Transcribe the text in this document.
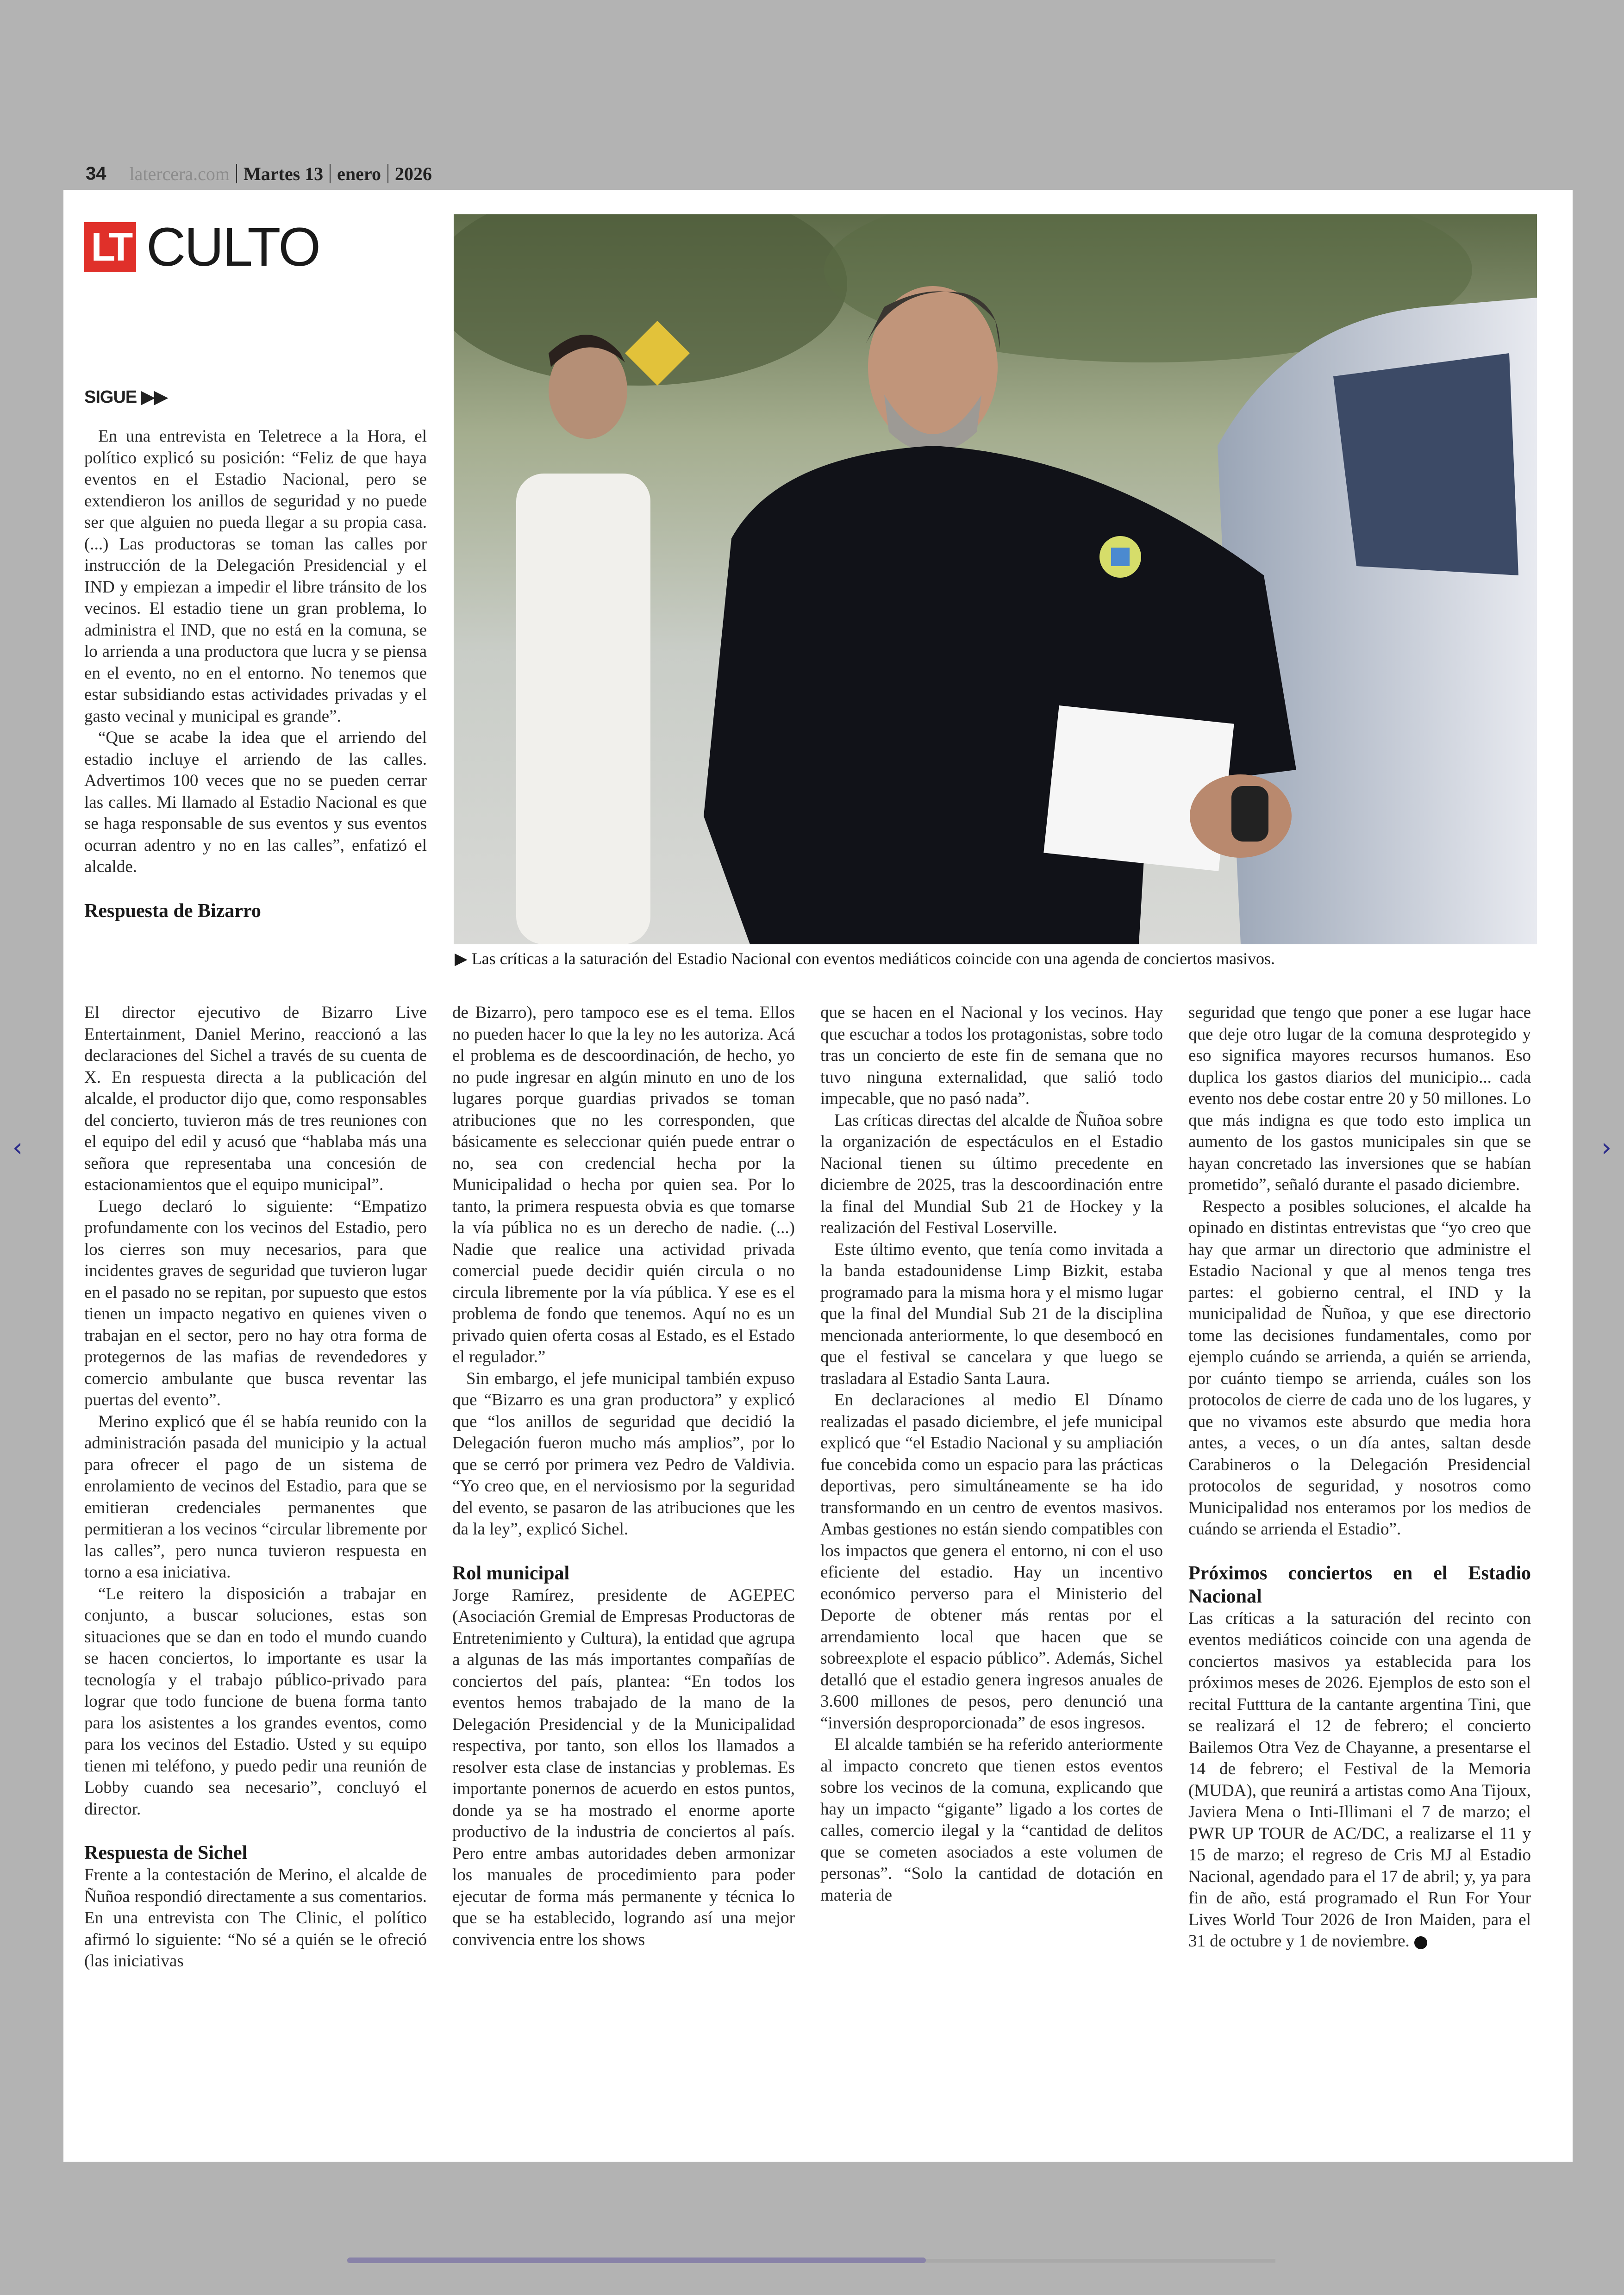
34 latercera.com Martes 13 enero 2026
LT CULTO
SIGUE ▶▶
▶ Las críticas a la saturación del Estadio Nacional con eventos mediáticos coincide con una agenda de conciertos masivos.

En una entrevista en Teletrece a la Hora, el político explicó su posición: “Feliz de que haya eventos en el Estadio Nacional, pero se extendieron los anillos de seguridad y no puede ser que alguien no pueda llegar a su propia casa. (...) Las productoras se toman las calles por instrucción de la Delegación Presidencial y el IND y empiezan a impedir el libre tránsito de los vecinos. El estadio tiene un gran problema, lo administra el IND, que no está en la comuna, se lo arrienda a una productora que lucra y se piensa en el evento, no en el entorno. No tenemos que estar subsidiando estas actividades privadas y el gasto vecinal y municipal es grande”.

“Que se acabe la idea que el arriendo del estadio incluye el arriendo de las calles. Advertimos 100 veces que no se pueden cerrar las calles. Mi llamado al Estadio Nacional es que se haga responsable de sus eventos y sus eventos ocurran adentro y no en las calles”, enfatizó el alcalde.

Respuesta de Bizarro

El director ejecutivo de Bizarro Live Entertainment, Daniel Merino, reaccionó a las declaraciones del Sichel a través de su cuenta de X. En respuesta directa a la publicación del alcalde, el productor dijo que, como responsables del concierto, tuvieron más de tres reuniones con el equipo del edil y acusó que “hablaba más una señora que representaba una concesión de estacionamientos que el equipo municipal”.

Luego declaró lo siguiente: “Empatizo profundamente con los vecinos del Estadio, pero los cierres son muy necesarios, para que incidentes graves de seguridad que tuvieron lugar en el pasado no se repitan, por supuesto que estos tienen un impacto negativo en quienes viven o trabajan en el sector, pero no hay otra forma de protegernos de las mafias de revendedores y comercio ambulante que busca reventar las puertas del evento”.

Merino explicó que él se había reunido con la administración pasada del municipio y la actual para ofrecer el pago de un sistema de enrolamiento de vecinos del Estadio, para que se emitieran credenciales permanentes que permitieran a los vecinos “circular libremente por las calles”, pero nunca tuvieron respuesta en torno a esa iniciativa.

“Le reitero la disposición a trabajar en conjunto, a buscar soluciones, estas son situaciones que se dan en todo el mundo cuando se hacen conciertos, lo importante es usar la tecnología y el trabajo público-privado para lograr que todo funcione de buena forma tanto para los asistentes a los grandes eventos, como para los vecinos del Estadio. Usted y su equipo tienen mi teléfono, y puedo pedir una reunión de Lobby cuando sea necesario”, concluyó el director.

Respuesta de Sichel

Frente a la contestación de Merino, el alcalde de Ñuñoa respondió directamente a sus comentarios. En una entrevista con The Clinic, el político afirmó lo siguiente: “No sé a quién se le ofreció (las iniciativas

de Bizarro), pero tampoco ese es el tema. Ellos no pueden hacer lo que la ley no les autoriza. Acá el problema es de descoordinación, de hecho, yo no pude ingresar en algún minuto en uno de los lugares porque guardias privados se toman atribuciones que no les corresponden, que básicamente es seleccionar quién puede entrar o no, sea con credencial hecha por la Municipalidad o hecha por quien sea. Por lo tanto, la primera respuesta obvia es que tomarse la vía pública no es un derecho de nadie. (...) Nadie que realice una actividad privada comercial puede decidir quién circula o no circula libremente por la vía pública. Y ese es el problema de fondo que tenemos. Aquí no es un privado quien oferta cosas al Estado, es el Estado el regulador.”

Sin embargo, el jefe municipal también expuso que “Bizarro es una gran productora” y explicó que “los anillos de seguridad que decidió la Delegación fueron mucho más amplios”, por lo que se cerró por primera vez Pedro de Valdivia. “Yo creo que, en el nerviosismo por la seguridad del evento, se pasaron de las atribuciones que les da la ley”, explicó Sichel.

Rol municipal

Jorge Ramírez, presidente de AGEPEC (Asociación Gremial de Empresas Productoras de Entretenimiento y Cultura), la entidad que agrupa a algunas de las más importantes compañías de conciertos del país, plantea: “En todos los eventos hemos trabajado de la mano de la Delegación Presidencial y de la Municipalidad respectiva, por tanto, son ellos los llamados a resolver esta clase de instancias y problemas. Es importante ponernos de acuerdo en estos puntos, donde ya se ha mostrado el enorme aporte productivo de la industria de conciertos al país. Pero entre ambas autoridades deben armonizar los manuales de procedimiento para poder ejecutar de forma más permanente y técnica lo que se ha establecido, logrando así una mejor convivencia entre los shows

que se hacen en el Nacional y los vecinos. Hay que escuchar a todos los protagonistas, sobre todo tras un concierto de este fin de semana que no tuvo ninguna externalidad, que salió todo impecable, que no pasó nada”.

Las críticas directas del alcalde de Ñuñoa sobre la organización de espectáculos en el Estadio Nacional tienen su último precedente en diciembre de 2025, tras la descoordinación entre la final del Mundial Sub 21 de Hockey y la realización del Festival Loserville.

Este último evento, que tenía como invitada a la banda estadounidense Limp Bizkit, estaba programado para la misma hora y el mismo lugar que la final del Mundial Sub 21 de la disciplina mencionada anteriormente, lo que desembocó en que el festival se cancelara y que luego se trasladara al Estadio Santa Laura.

En declaraciones al medio El Dínamo realizadas el pasado diciembre, el jefe municipal explicó que “el Estadio Nacional y su ampliación fue concebida como un espacio para las prácticas deportivas, pero simultáneamente se ha ido transformando en un centro de eventos masivos. Ambas gestiones no están siendo compatibles con los impactos que genera el entorno, ni con el uso eficiente del estadio. Hay un incentivo económico perverso para el Ministerio del Deporte de obtener más rentas por el arrendamiento local que hacen que se sobreexplote el espacio público”. Además, Sichel detalló que el estadio genera ingresos anuales de 3.600 millones de pesos, pero denunció una “inversión desproporcionada” de esos ingresos.

El alcalde también se ha referido anteriormente al impacto concreto que tienen estos eventos sobre los vecinos de la comuna, explicando que hay un impacto “gigante” ligado a los cortes de calles, comercio ilegal y la “cantidad de delitos que se cometen asociados a este volumen de personas”. “Solo la cantidad de dotación en materia de

seguridad que tengo que poner a ese lugar hace que deje otro lugar de la comuna desprotegido y eso significa mayores recursos humanos. Eso duplica los gastos diarios del municipio... cada evento nos debe costar entre 20 y 50 millones. Lo que más indigna es que todo esto implica un aumento de los gastos municipales sin que se hayan concretado las inversiones que se habían prometido”, señaló durante el pasado diciembre.

Respecto a posibles soluciones, el alcalde ha opinado en distintas entrevistas que “yo creo que hay que armar un directorio que administre el Estadio Nacional y que al menos tenga tres partes: el gobierno central, el IND y la municipalidad de Ñuñoa, y que ese directorio tome las decisiones fundamentales, como por ejemplo cuándo se arrienda, a quién se arrienda, por cuánto tiempo se arrienda, cuáles son los protocolos de cierre de cada uno de los lugares, y que no vivamos este absurdo que media hora antes, a veces, o un día antes, saltan desde Carabineros o la Delegación Presidencial protocolos de seguridad, y nosotros como Municipalidad nos enteramos por los medios de cuándo se arrienda el Estadio”.

Próximos conciertos en el Estadio Nacional

Las críticas a la saturación del recinto con eventos mediáticos coincide con una agenda de conciertos masivos ya establecida para los próximos meses de 2026. Ejemplos de esto son el recital Futttura de la cantante argentina Tini, que se realizará el 12 de febrero; el concierto Bailemos Otra Vez de Chayanne, a presentarse el 14 de febrero; el Festival de la Memoria (MUDA), que reunirá a artistas como Ana Tijoux, Javiera Mena o Inti-Illimani el 7 de marzo; el PWR UP TOUR de AC/DC, a realizarse el 11 y 15 de marzo; el regreso de Cris MJ al Estadio Nacional, agendado para el 17 de abril; y, ya para fin de año, está programado el Run For Your Lives World Tour 2026 de Iron Maiden, para el 31 de octubre y 1 de noviembre.

‹	›
